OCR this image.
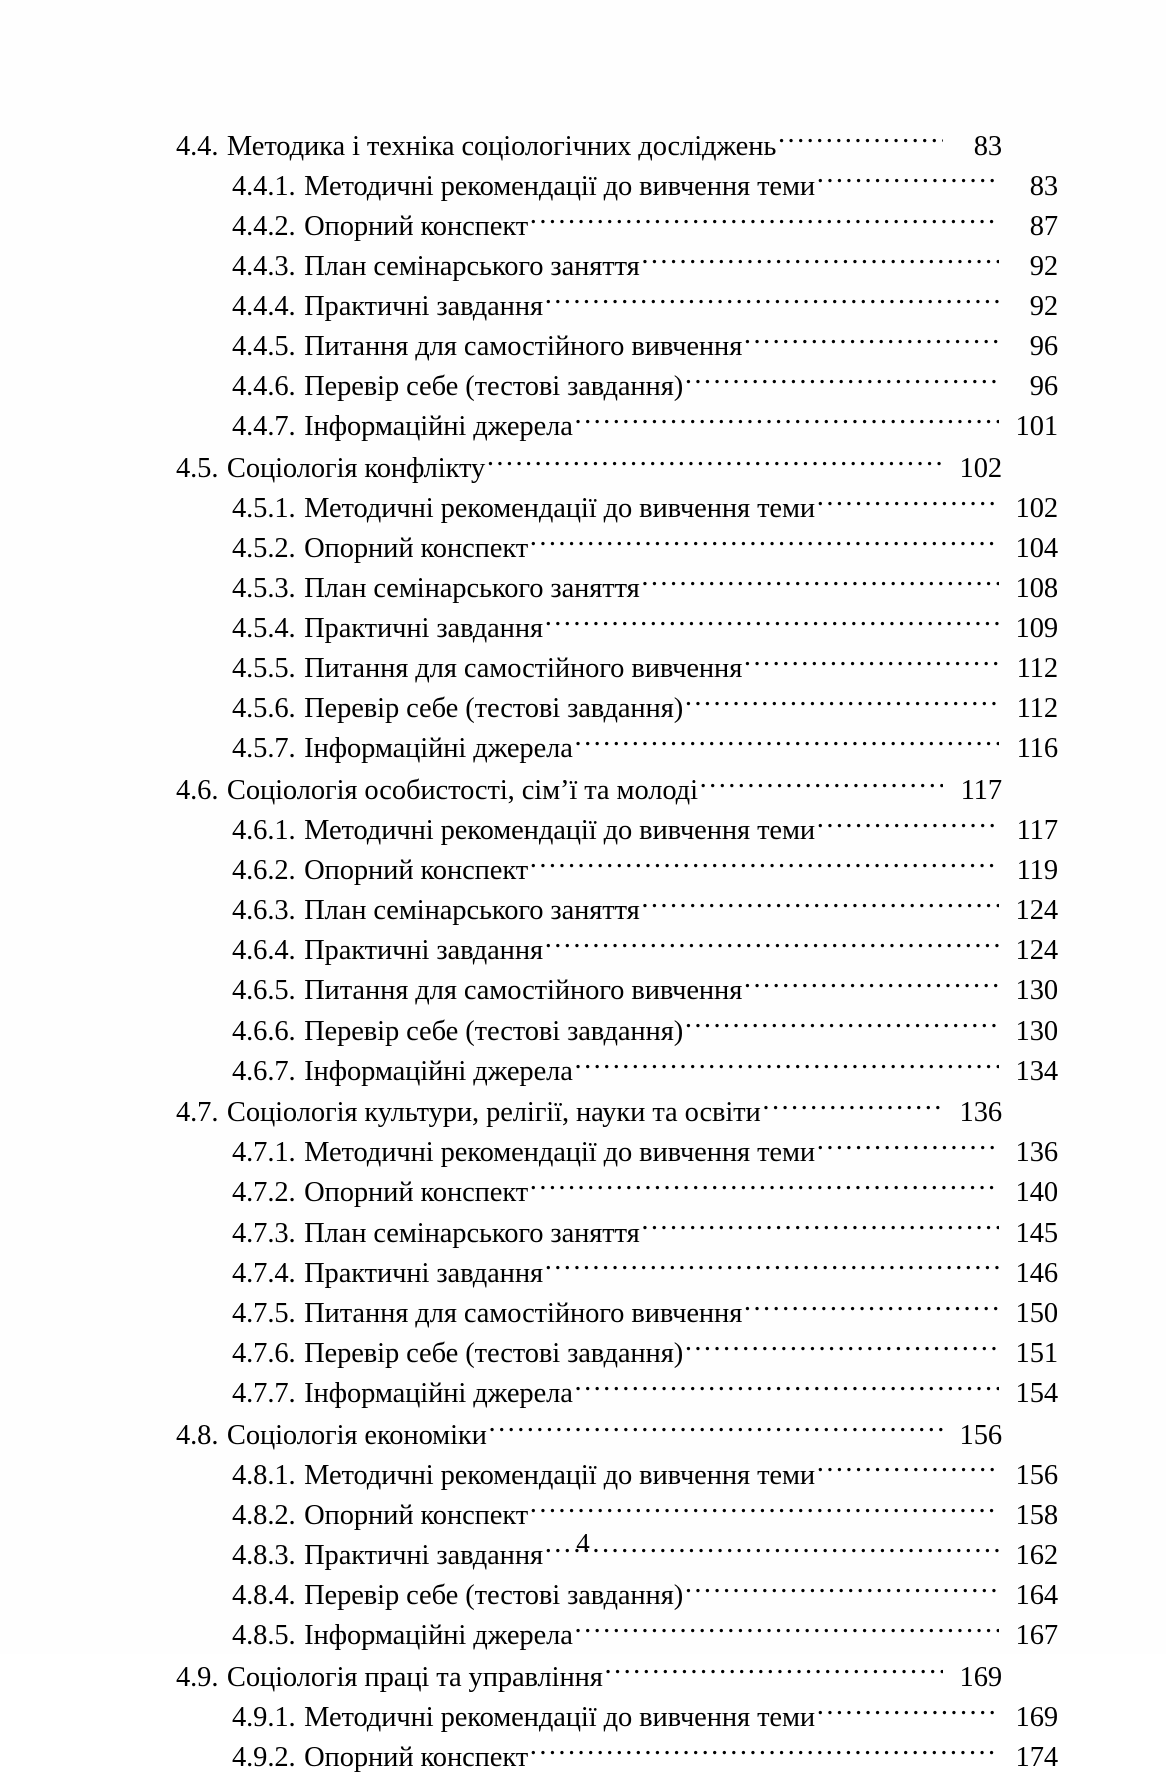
4.4. Методика і техніка соціологічних досліджень .....	83
4.4.1. Методичні рекомендації до вивчення теми .....	83
4.4.2. Опорний конспект .....	87
4.4.3. План семінарського заняття .....	92
4.4.4. Практичні завдання .....	92
4.4.5. Питання для самостійного вивчення .....	96
4.4.6. Перевір себе (тестові завдання) .....	96
4.4.7. Інформаційні джерела .....	101
4.5. Соціологія конфлікту .....	102
4.5.1. Методичні рекомендації до вивчення теми .....	102
4.5.2. Опорний конспект .....	104
4.5.3. План семінарського заняття .....	108
4.5.4. Практичні завдання .....	109
4.5.5. Питання для самостійного вивчення .....	112
4.5.6. Перевір себе (тестові завдання) .....	112
4.5.7. Інформаційні джерела .....	116
4.6. Соціологія особистості, сім’ї та молоді .....	117
4.6.1. Методичні рекомендації до вивчення теми .....	117
4.6.2. Опорний конспект .....	119
4.6.3. План семінарського заняття .....	124
4.6.4. Практичні завдання .....	124
4.6.5. Питання для самостійного вивчення .....	130
4.6.6. Перевір себе (тестові завдання) .....	130
4.6.7. Інформаційні джерела .....	134
4.7. Соціологія культури, релігії, науки та освіти .....	136
4.7.1. Методичні рекомендації до вивчення теми .....	136
4.7.2. Опорний конспект .....	140
4.7.3. План семінарського заняття .....	145
4.7.4. Практичні завдання .....	146
4.7.5. Питання для самостійного вивчення .....	150
4.7.6. Перевір себе (тестові завдання) .....	151
4.7.7. Інформаційні джерела .....	154
4.8. Соціологія економіки .....	156
4.8.1. Методичні рекомендації до вивчення теми .....	156
4.8.2. Опорний конспект .....	158
4.8.3. Практичні завдання .....	162
4.8.4. Перевір себе (тестові завдання) .....	164
4.8.5. Інформаційні джерела .....	167
4.9. Соціологія праці та управління .....	169
4.9.1. Методичні рекомендації до вивчення теми .....	169
4.9.2. Опорний конспект .....	174
4
